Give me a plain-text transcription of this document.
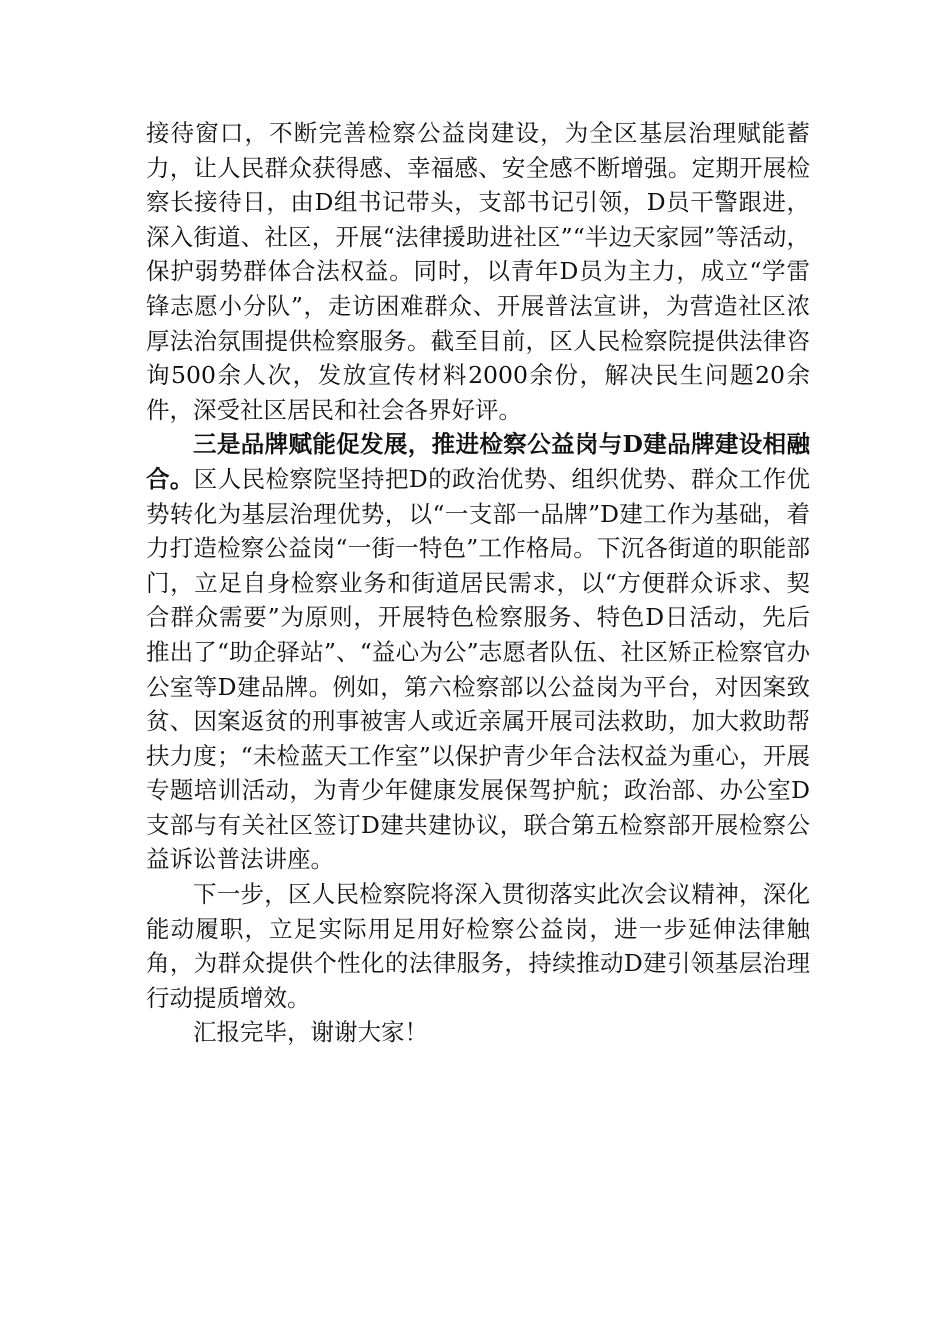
接待窗口，不断完善检察公益岗建设，为全区基层治理赋能蓄力，让人民群众获得感、幸福感、安全感不断增强。定期开展检察长接待日，由D组书记带头，支部书记引领，D员干警跟进，深入街道、社区，开展“法律援助进社区”“半边天家园”等活动，保护弱势群体合法权益。同时，以青年D员为主力，成立“学雷锋志愿小分队”，走访困难群众、开展普法宣讲，为营造社区浓厚法治氛围提供检察服务。截至目前，区人民检察院提供法律咨询500余人次，发放宣传材料2000余份，解决民生问题20余件，深受社区居民和社会各界好评。

三是品牌赋能促发展，推进检察公益岗与D建品牌建设相融合。区人民检察院坚持把D的政治优势、组织优势、群众工作优势转化为基层治理优势，以“一支部一品牌”D建工作为基础，着力打造检察公益岗“一街一特色”工作格局。下沉各街道的职能部门，立足自身检察业务和街道居民需求，以“方便群众诉求、契合群众需要”为原则，开展特色检察服务、特色D日活动，先后推出了“助企驿站”、“益心为公”志愿者队伍、社区矫正检察官办公室等D建品牌。例如，第六检察部以公益岗为平台，对因案致贫、因案返贫的刑事被害人或近亲属开展司法救助，加大救助帮扶力度；“未检蓝天工作室”以保护青少年合法权益为重心，开展专题培训活动，为青少年健康发展保驾护航；政治部、办公室D支部与有关社区签订D建共建协议，联合第五检察部开展检察公益诉讼普法讲座。

下一步，区人民检察院将深入贯彻落实此次会议精神，深化能动履职，立足实际用足用好检察公益岗，进一步延伸法律触角，为群众提供个性化的法律服务，持续推动D建引领基层治理行动提质增效。

汇报完毕，谢谢大家！
